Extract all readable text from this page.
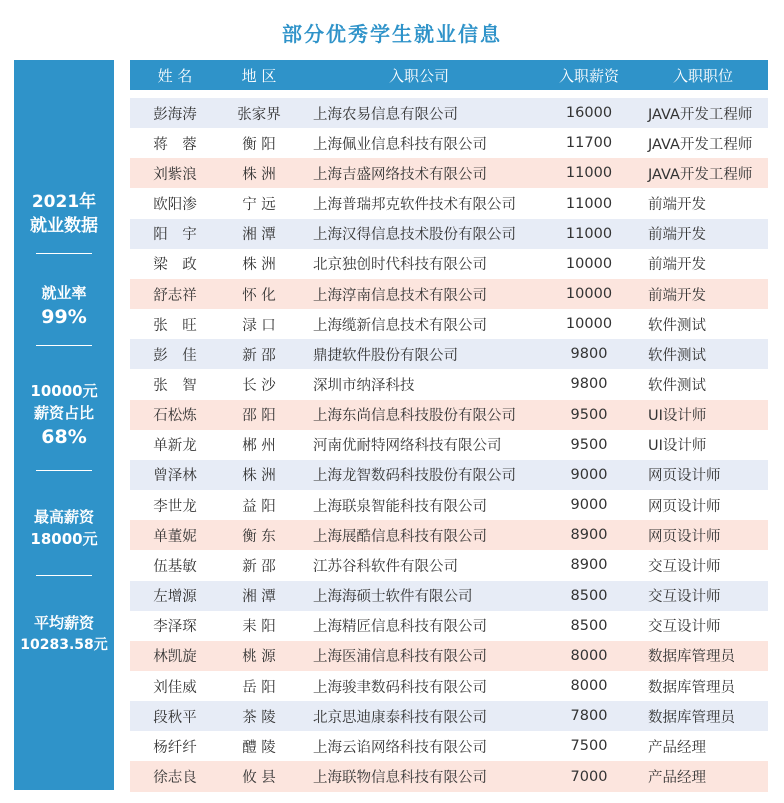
部分优秀学生就业信息
2021年
就业数据
就业率
99%
10000元
薪资占比
68%
最高薪资
18000元
平均薪资
10283.58元
姓 名	地 区	入职公司	入职薪资	入职职位
彭海涛	张家界	上海农易信息有限公司	16000	JAVA开发工程师
蒋　蓉	衡 阳	上海佩业信息科技有限公司	11700	JAVA开发工程师
刘紫浪	株 洲	上海吉盛网络技术有限公司	11000	JAVA开发工程师
欧阳渗	宁 远	上海普瑞邦克软件技术有限公司	11000	前端开发
阳　宇	湘 潭	上海汉得信息技术股份有限公司	11000	前端开发
梁　政	株 洲	北京独创时代科技有限公司	10000	前端开发
舒志祥	怀 化	上海淳南信息技术有限公司	10000	前端开发
张　旺	渌 口	上海缆新信息技术有限公司	10000	软件测试
彭　佳	新 邵	鼎捷软件股份有限公司	9800	软件测试
张　智	长 沙	深圳市纳泽科技	9800	软件测试
石松炼	邵 阳	上海东尚信息科技股份有限公司	9500	UI设计师
单新龙	郴 州	河南优耐特网络科技有限公司	9500	UI设计师
曾泽林	株 洲	上海龙智数码科技股份有限公司	9000	网页设计师
李世龙	益 阳	上海联泉智能科技有限公司	9000	网页设计师
单董妮	衡 东	上海展酷信息科技有限公司	8900	网页设计师
伍基敏	新 邵	江苏谷科软件有限公司	8900	交互设计师
左增源	湘 潭	上海海硕士软件有限公司	8500	交互设计师
李泽琛	耒 阳	上海精匠信息科技有限公司	8500	交互设计师
林凯旋	桃 源	上海医浦信息科技有限公司	8000	数据库管理员
刘佳威	岳 阳	上海骏聿数码科技有限公司	8000	数据库管理员
段秋平	茶 陵	北京思迪康泰科技有限公司	7800	数据库管理员
杨纤纤	醴 陵	上海云谄网络科技有限公司	7500	产品经理
徐志良	攸 县	上海联物信息科技有限公司	7000	产品经理
